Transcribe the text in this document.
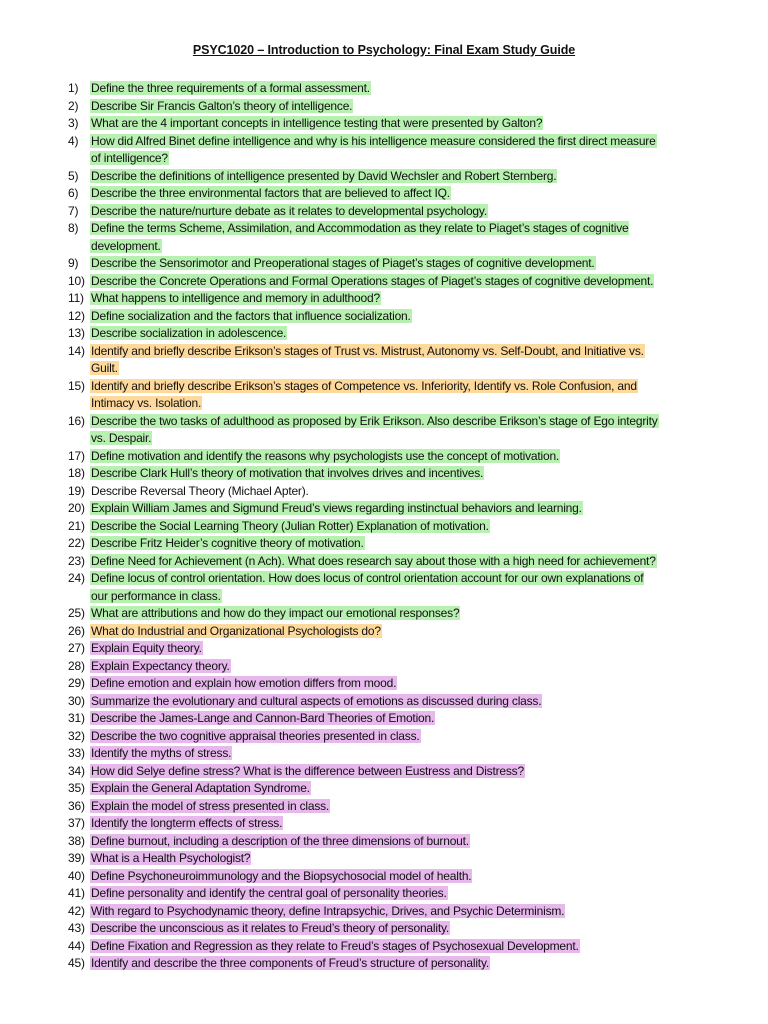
PSYC1020 – Introduction to Psychology: Final Exam Study Guide
1)	Define the three requirements of a formal assessment.
2)	Describe Sir Francis Galton’s theory of intelligence.
3)	What are the 4 important concepts in intelligence testing that were presented by Galton?
4)	How did Alfred Binet define intelligence and why is his intelligence measure considered the first direct measure
of intelligence?
5)	Describe the definitions of intelligence presented by David Wechsler and Robert Sternberg.
6)	Describe the three environmental factors that are believed to affect IQ.
7)	Describe the nature/nurture debate as it relates to developmental psychology.
8)	Define the terms Scheme, Assimilation, and Accommodation as they relate to Piaget’s stages of cognitive
development.
9)	Describe the Sensorimotor and Preoperational stages of Piaget’s stages of cognitive development.
10) Describe the Concrete Operations and Formal Operations stages of Piaget’s stages of cognitive development.
11) What happens to intelligence and memory in adulthood?
12) Define socialization and the factors that influence socialization.
13) Describe socialization in adolescence.
14) Identify and briefly describe Erikson’s stages of Trust vs. Mistrust, Autonomy vs. Self-Doubt, and Initiative vs.
Guilt.
15) Identify and briefly describe Erikson’s stages of Competence vs. Inferiority, Identify vs. Role Confusion, and
Intimacy vs. Isolation.
16) Describe the two tasks of adulthood as proposed by Erik Erikson. Also describe Erikson’s stage of Ego integrity
vs. Despair.
17) Define motivation and identify the reasons why psychologists use the concept of motivation.
18) Describe Clark Hull’s theory of motivation that involves drives and incentives.
19) Describe Reversal Theory (Michael Apter).
20) Explain William James and Sigmund Freud’s views regarding instinctual behaviors and learning.
21) Describe the Social Learning Theory (Julian Rotter) Explanation of motivation.
22) Describe Fritz Heider’s cognitive theory of motivation.
23) Define Need for Achievement (n Ach). What does research say about those with a high need for achievement?
24) Define locus of control orientation. How does locus of control orientation account for our own explanations of
our performance in class.
25) What are attributions and how do they impact our emotional responses?
26) What do Industrial and Organizational Psychologists do?
27) Explain Equity theory.
28) Explain Expectancy theory.
29) Define emotion and explain how emotion differs from mood.
30) Summarize the evolutionary and cultural aspects of emotions as discussed during class.
31) Describe the James-Lange and Cannon-Bard Theories of Emotion.
32) Describe the two cognitive appraisal theories presented in class.
33) Identify the myths of stress.
34) How did Selye define stress? What is the difference between Eustress and Distress?
35) Explain the General Adaptation Syndrome.
36) Explain the model of stress presented in class.
37) Identify the longterm effects of stress.
38) Define burnout, including a description of the three dimensions of burnout.
39) What is a Health Psychologist?
40) Define Psychoneuroimmunology and the Biopsychosocial model of health.
41) Define personality and identify the central goal of personality theories.
42) With regard to Psychodynamic theory, define Intrapsychic, Drives, and Psychic Determinism.
43) Describe the unconscious as it relates to Freud’s theory of personality.
44) Define Fixation and Regression as they relate to Freud’s stages of Psychosexual Development.
45) Identify and describe the three components of Freud’s structure of personality.
